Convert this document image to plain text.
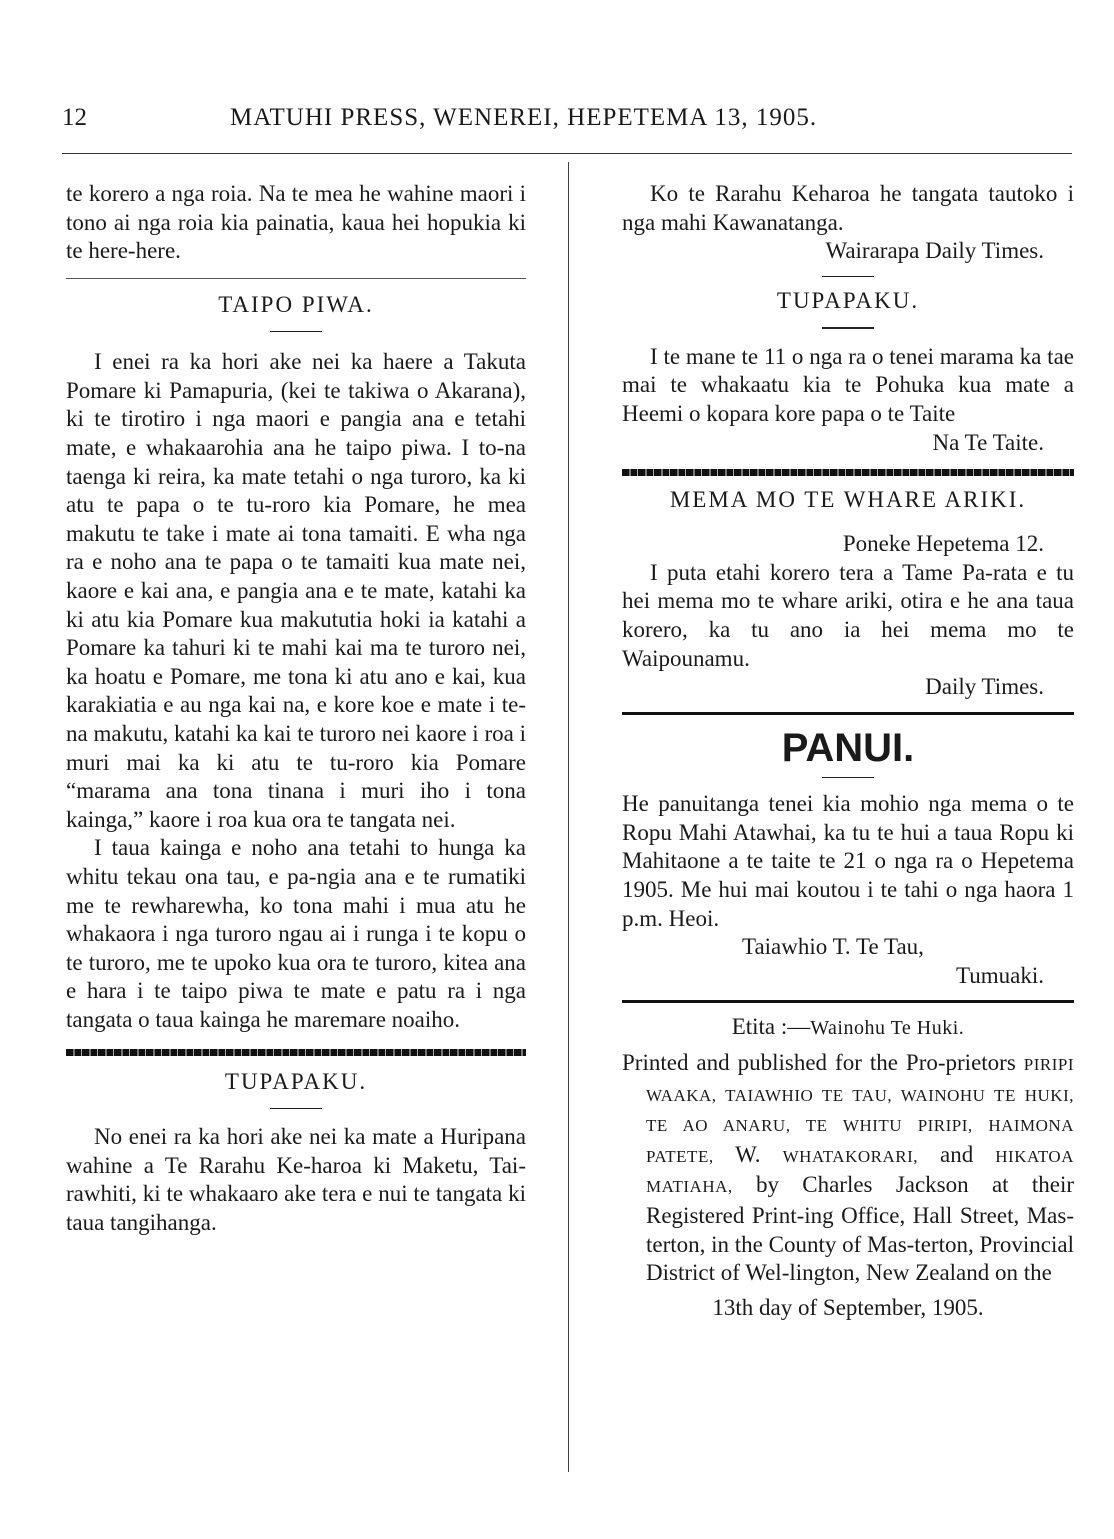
12	MATUHI PRESS, WENEREI, HEPETEMA 13, 1905.

te korero a nga roia. Na te mea he wahine maori i tono ai nga roia kia painatia, kaua hei hopukia ki te here-here.

TAIPO PIWA.

I enei ra ka hori ake nei ka haere a Takuta Pomare ki Pamapuria, (kei te takiwa o Akarana), ki te tirotiro i nga maori e pangia ana e tetahi mate, e whakaarohia ana he taipo piwa. I to-na taenga ki reira, ka mate tetahi o nga turoro, ka ki atu te papa o te tu-roro kia Pomare, he mea makutu te take i mate ai tona tamaiti. E wha nga ra e noho ana te papa o te tamaiti kua mate nei, kaore e kai ana, e pangia ana e te mate, katahi ka ki atu kia Pomare kua makututia hoki ia katahi a Pomare ka tahuri ki te mahi kai ma te turoro nei, ka hoatu e Pomare, me tona ki atu ano e kai, kua karakiatia e au nga kai na, e kore koe e mate i te-na makutu, katahi ka kai te turoro nei kaore i roa i muri mai ka ki atu te tu-roro kia Pomare “marama ana tona tinana i muri iho i tona kainga,” kaore i roa kua ora te tangata nei.

I taua kainga e noho ana tetahi to hunga ka whitu tekau ona tau, e pa-ngia ana e te rumatiki me te rewharewha, ko tona mahi i mua atu he whakaora i nga turoro ngau ai i runga i te kopu o te turoro, me te upoko kua ora te turoro, kitea ana e hara i te taipo piwa te mate e patu ra i nga tangata o taua kainga he maremare noaiho.

TUPAPAKU.

No enei ra ka hori ake nei ka mate a Huripana wahine a Te Rarahu Ke-haroa ki Maketu, Tai-rawhiti, ki te whakaaro ake tera e nui te tangata ki taua tangihanga.

Ko te Rarahu Keharoa he tangata tautoko i nga mahi Kawanatanga.

Wairarapa Daily Times.

TUPAPAKU.

I te mane te 11 o nga ra o tenei marama ka tae mai te whakaatu kia te Pohuka kua mate a Heemi o kopara kore papa o te Taite

Na Te Taite.

MEMA MO TE WHARE ARIKI.

Poneke Hepetema 12.

I puta etahi korero tera a Tame Pa-rata e tu hei mema mo te whare ariki, otira e he ana taua korero, ka tu ano ia hei mema mo te Waipounamu.

Daily Times.

PANUI.

He panuitanga tenei kia mohio nga mema o te Ropu Mahi Atawhai, ka tu te hui a taua Ropu ki Mahitaone a te taite te 21 o nga ra o Hepetema 1905. Me hui mai koutou i te tahi o nga haora 1 p.m. Heoi.

Taiawhio T. Te Tau,

Tumuaki.

Etita :—Wainohu Te Huki.

Printed and published for the Pro-prietors PIRIPI WAAKA, TAIAWHIO TE TAU, WAINOHU TE HUKI, TE AO ANARU, TE WHITU PIRIPI, HAIMONA PATETE, W. WHATAKORARI, and HIKATOA MATIAHA, by Charles Jackson at their Registered Print-ing Office, Hall Street, Mas-terton, in the County of Mas-terton, Provincial District of Wel-lington, New Zealand on the

13th day of September, 1905.
